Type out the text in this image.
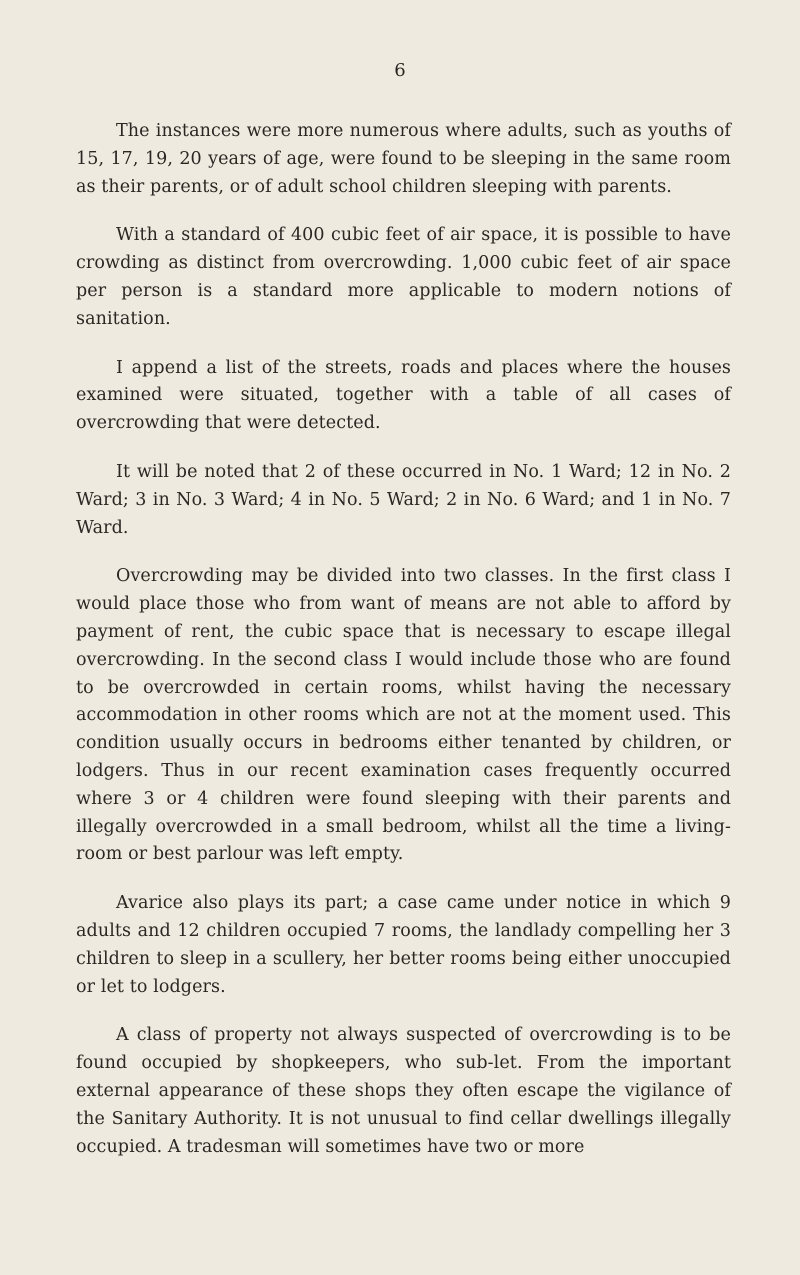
6

The instances were more numerous where adults, such as youths of 15, 17, 19, 20 years of age, were found to be sleeping in the same room as their parents, or of adult school children sleeping with parents.

With a standard of 400 cubic feet of air space, it is possible to have crowding as distinct from overcrowding. 1,000 cubic feet of air space per person is a standard more applicable to modern notions of sanitation.

I append a list of the streets, roads and places where the houses examined were situated, together with a table of all cases of overcrowding that were detected.

It will be noted that 2 of these occurred in No. 1 Ward; 12 in No. 2 Ward; 3 in No. 3 Ward; 4 in No. 5 Ward; 2 in No. 6 Ward; and 1 in No. 7 Ward.

Overcrowding may be divided into two classes. In the first class I would place those who from want of means are not able to afford by payment of rent, the cubic space that is necessary to escape illegal overcrowding. In the second class I would include those who are found to be overcrowded in certain rooms, whilst having the necessary accommodation in other rooms which are not at the moment used. This condition usually occurs in bedrooms either tenanted by children, or lodgers. Thus in our recent examination cases frequently occurred where 3 or 4 children were found sleeping with their parents and illegally overcrowded in a small bedroom, whilst all the time a living-room or best parlour was left empty.

Avarice also plays its part; a case came under notice in which 9 adults and 12 children occupied 7 rooms, the landlady compelling her 3 children to sleep in a scullery, her better rooms being either unoccupied or let to lodgers.

A class of property not always suspected of overcrowding is to be found occupied by shopkeepers, who sub-let. From the important external appearance of these shops they often escape the vigilance of the Sanitary Authority. It is not unusual to find cellar dwellings illegally occupied. A tradesman will sometimes have two or more
